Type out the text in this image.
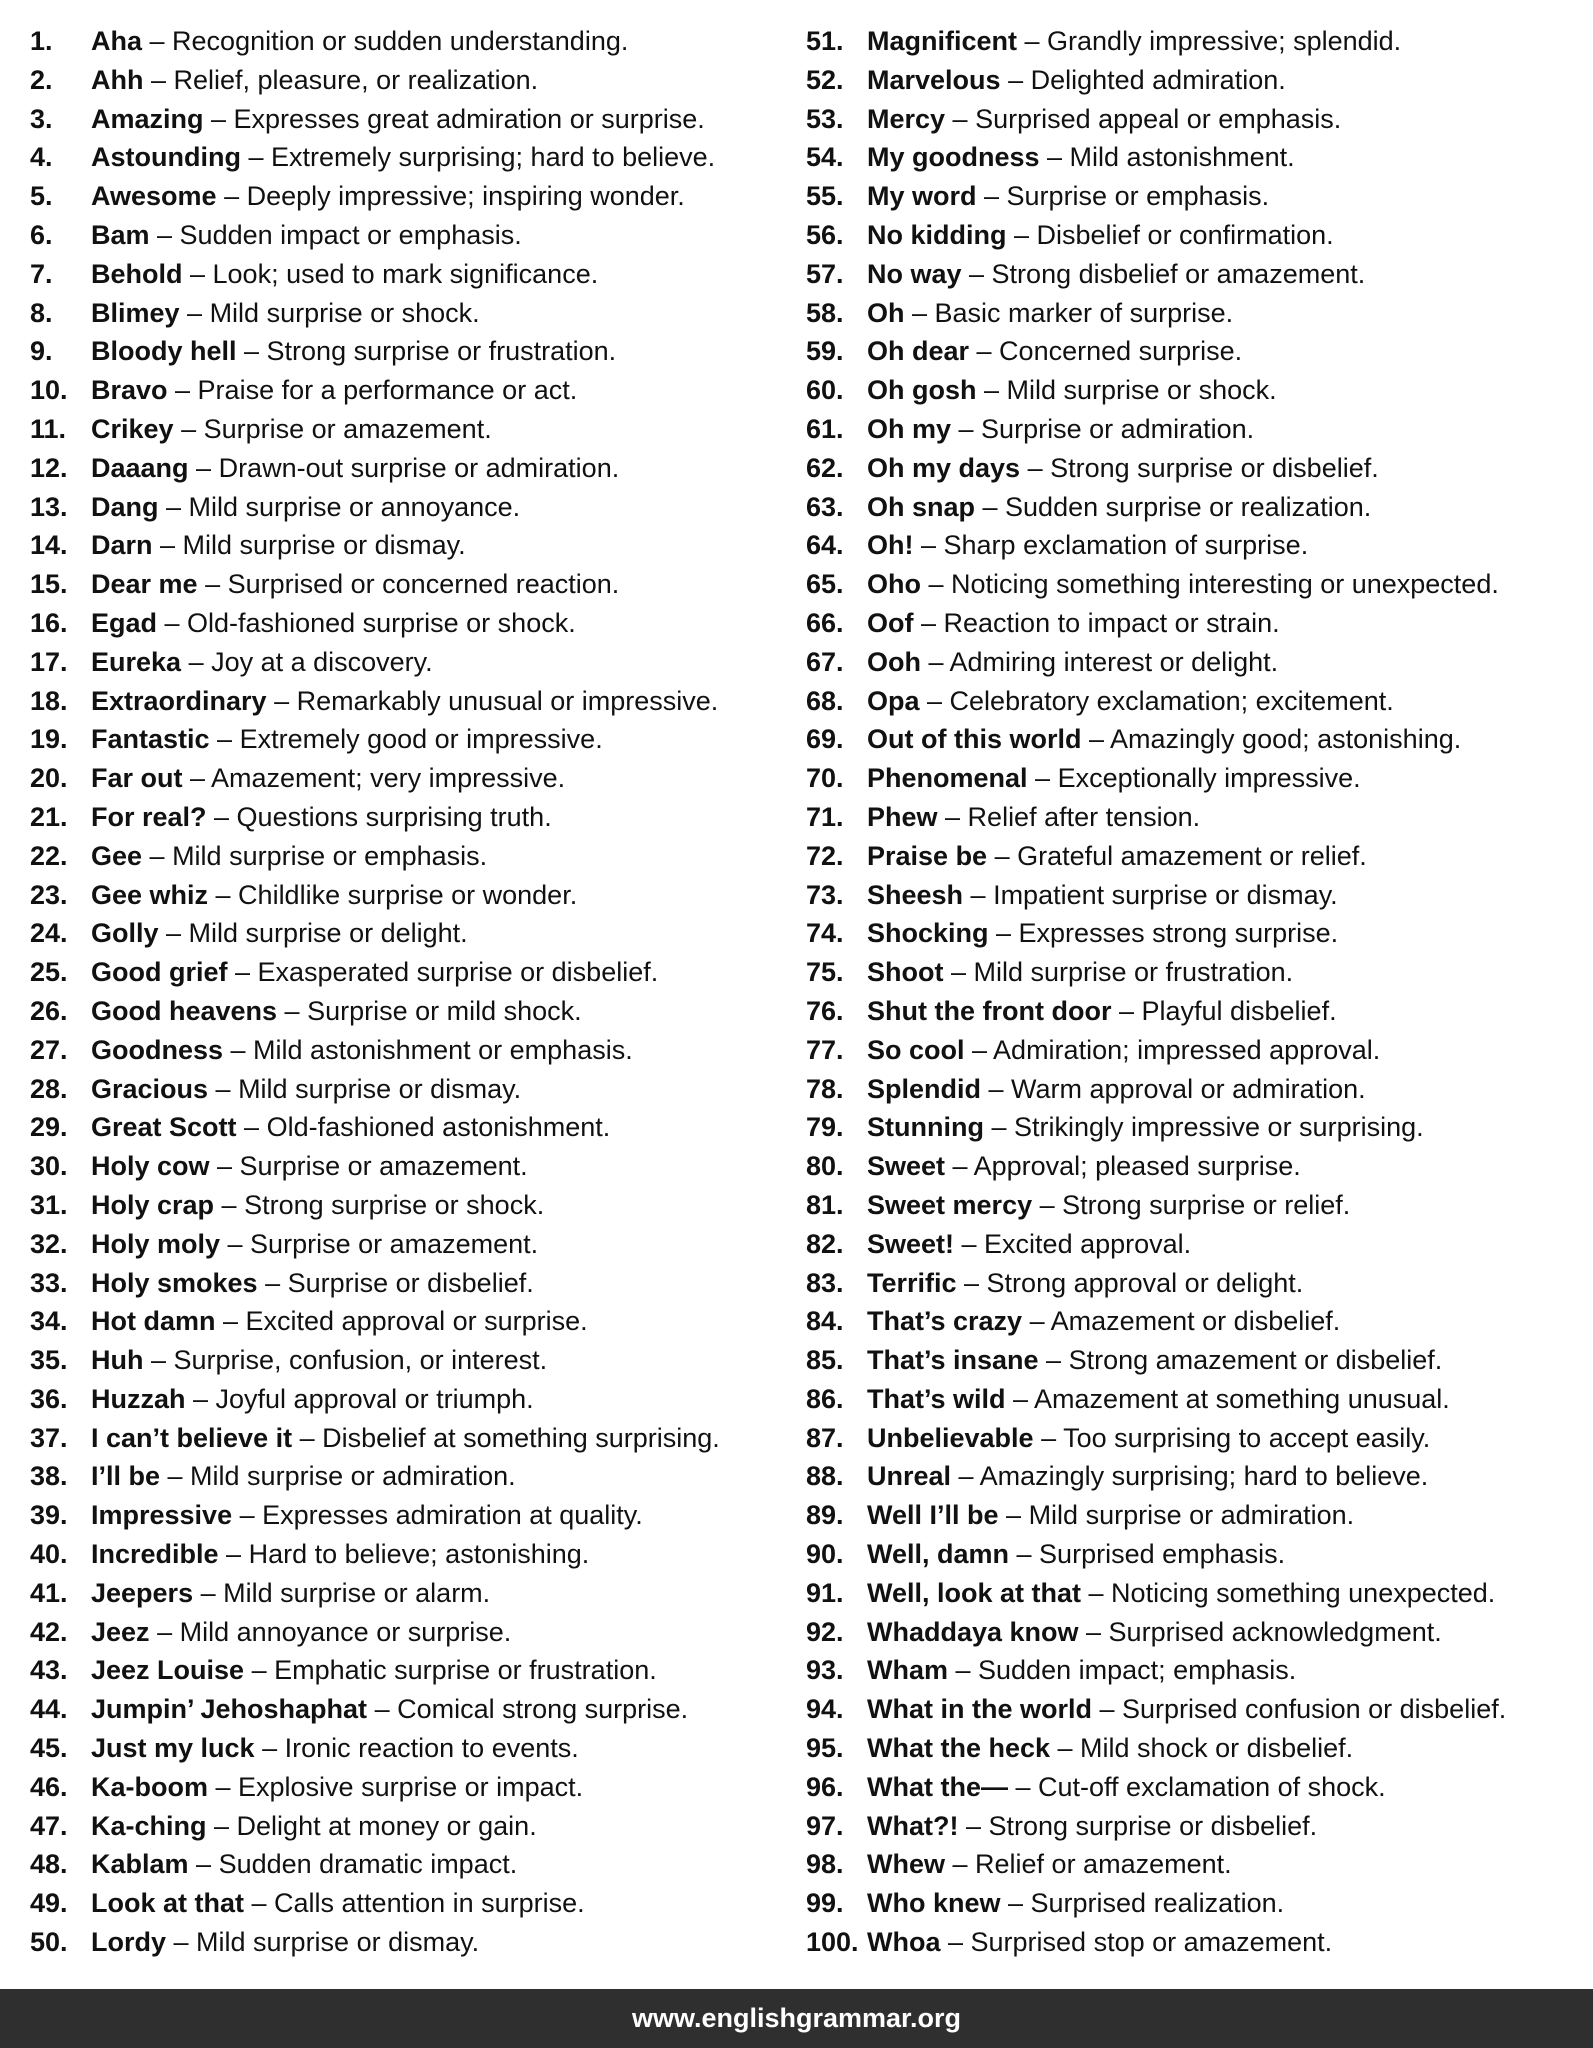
1.	Aha – Recognition or sudden understanding.
2.	Ahh – Relief, pleasure, or realization.
3.	Amazing – Expresses great admiration or surprise.
4.	Astounding – Extremely surprising; hard to believe.
5.	Awesome – Deeply impressive; inspiring wonder.
6.	Bam – Sudden impact or emphasis.
7.	Behold – Look; used to mark significance.
8.	Blimey – Mild surprise or shock.
9.	Bloody hell – Strong surprise or frustration.
10. Bravo – Praise for a performance or act.
11. Crikey – Surprise or amazement.
12. Daaang – Drawn-out surprise or admiration.
13. Dang – Mild surprise or annoyance.
14. Darn – Mild surprise or dismay.
15. Dear me – Surprised or concerned reaction.
16. Egad – Old-fashioned surprise or shock.
17. Eureka – Joy at a discovery.
18. Extraordinary – Remarkably unusual or impressive.
19. Fantastic – Extremely good or impressive.
20. Far out – Amazement; very impressive.
21. For real? – Questions surprising truth.
22. Gee – Mild surprise or emphasis.
23. Gee whiz – Childlike surprise or wonder.
24. Golly – Mild surprise or delight.
25. Good grief – Exasperated surprise or disbelief.
26. Good heavens – Surprise or mild shock.
27. Goodness – Mild astonishment or emphasis.
28. Gracious – Mild surprise or dismay.
29. Great Scott – Old-fashioned astonishment.
30. Holy cow – Surprise or amazement.
31. Holy crap – Strong surprise or shock.
32. Holy moly – Surprise or amazement.
33. Holy smokes – Surprise or disbelief.
34. Hot damn – Excited approval or surprise.
35. Huh – Surprise, confusion, or interest.
36. Huzzah – Joyful approval or triumph.
37. I can’t believe it – Disbelief at something surprising.
38. I’ll be – Mild surprise or admiration.
39. Impressive – Expresses admiration at quality.
40. Incredible – Hard to believe; astonishing.
41. Jeepers – Mild surprise or alarm.
42. Jeez – Mild annoyance or surprise.
43. Jeez Louise – Emphatic surprise or frustration.
44. Jumpin’ Jehoshaphat – Comical strong surprise.
45. Just my luck – Ironic reaction to events.
46. Ka-boom – Explosive surprise or impact.
47. Ka-ching – Delight at money or gain.
48. Kablam – Sudden dramatic impact.
49. Look at that – Calls attention in surprise.
50. Lordy – Mild surprise or dismay.
51. Magnificent – Grandly impressive; splendid.
52. Marvelous – Delighted admiration.
53. Mercy – Surprised appeal or emphasis.
54. My goodness – Mild astonishment.
55. My word – Surprise or emphasis.
56. No kidding – Disbelief or confirmation.
57. No way – Strong disbelief or amazement.
58. Oh – Basic marker of surprise.
59. Oh dear – Concerned surprise.
60. Oh gosh – Mild surprise or shock.
61. Oh my – Surprise or admiration.
62. Oh my days – Strong surprise or disbelief.
63. Oh snap – Sudden surprise or realization.
64. Oh! – Sharp exclamation of surprise.
65. Oho – Noticing something interesting or unexpected.
66. Oof – Reaction to impact or strain.
67. Ooh – Admiring interest or delight.
68. Opa – Celebratory exclamation; excitement.
69. Out of this world – Amazingly good; astonishing.
70. Phenomenal – Exceptionally impressive.
71. Phew – Relief after tension.
72. Praise be – Grateful amazement or relief.
73. Sheesh – Impatient surprise or dismay.
74. Shocking – Expresses strong surprise.
75. Shoot – Mild surprise or frustration.
76. Shut the front door – Playful disbelief.
77. So cool – Admiration; impressed approval.
78. Splendid – Warm approval or admiration.
79. Stunning – Strikingly impressive or surprising.
80. Sweet – Approval; pleased surprise.
81. Sweet mercy – Strong surprise or relief.
82. Sweet! – Excited approval.
83. Terrific – Strong approval or delight.
84. That’s crazy – Amazement or disbelief.
85. That’s insane – Strong amazement or disbelief.
86. That’s wild – Amazement at something unusual.
87. Unbelievable – Too surprising to accept easily.
88. Unreal – Amazingly surprising; hard to believe.
89. Well I’ll be – Mild surprise or admiration.
90. Well, damn – Surprised emphasis.
91. Well, look at that – Noticing something unexpected.
92. Whaddaya know – Surprised acknowledgment.
93. Wham – Sudden impact; emphasis.
94. What in the world – Surprised confusion or disbelief.
95. What the heck – Mild shock or disbelief.
96. What the— – Cut-off exclamation of shock.
97. What?! – Strong surprise or disbelief.
98. Whew – Relief or amazement.
99. Who knew – Surprised realization.
100. Whoa – Surprised stop or amazement.
www.englishgrammar.org
